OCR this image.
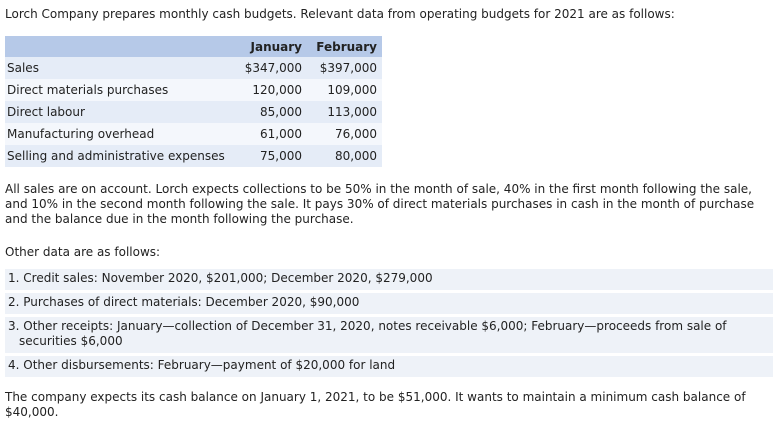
Lorch Company prepares monthly cash budgets. Relevant data from operating budgets for 2021 are as follows:
	January	February
Sales	$347,000	$397,000
Direct materials purchases	120,000	109,000
Direct labour	85,000	113,000
Manufacturing overhead	61,000	76,000
Selling and administrative expenses	75,000	80,000
All sales are on account. Lorch expects collections to be 50% in the month of sale, 40% in the first month following the sale, and 10% in the second month following the sale. It pays 30% of direct materials purchases in cash in the month of purchase and the balance due in the month following the purchase.
Other data are as follows:
1. Credit sales: November 2020, $201,000; December 2020, $279,000
2. Purchases of direct materials: December 2020, $90,000
3. Other receipts: January—collection of December 31, 2020, notes receivable $6,000; February—proceeds from sale of securities $6,000
4. Other disbursements: February—payment of $20,000 for land
The company expects its cash balance on January 1, 2021, to be $51,000. It wants to maintain a minimum cash balance of $40,000.
